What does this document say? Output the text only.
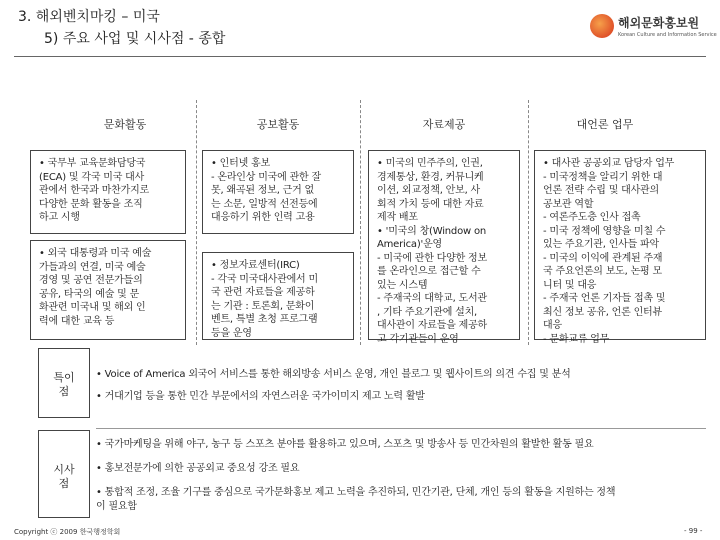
3. 해외벤치마킹 – 미국
5) 주요 사업 및 시사점 - 종합
해외문화홍보원
Korean Culture and Information Service
문화활동	공보활동	자료제공	대언론 업무
• 국무부 교육문화담당국
(ECA) 및 각국 미국 대사
관에서 한국과 마찬가지로
다양한 문화 활동을 조직
하고 시행
• 외국 대통령과 미국 예술
가들과의 연결, 미국 예술
경영 및 공연 전문가들의
공유, 타국의 예술 및 문
화관련 미국내 및 해외 인
력에 대한 교육 등
• 인터넷 홍보
- 온라인상 미국에 관한 잘
못, 왜곡된 정보, 근거 없
는 소문, 일방적 선전등에
대응하기 위한 인력 고용
• 정보자료센터(IRC)
- 각국 미국대사관에서 미
국 관련 자료들을 제공하
는 기관 : 토론회, 문화이
벤트, 특별 초청 프로그램
등을 운영
• 미국의 민주주의, 인권,
경제통상, 환경, 커뮤니케
이션, 외교정책, 안보, 사
회적 가치 등에 대한 자료
제작 배포
• '미국의 창(Window on
America)'운영
- 미국에 관한 다양한 정보
를 온라인으로 접근할 수
있는 시스템
- 주재국의 대학교, 도서관
, 기타 주요기관에 설치,
대사관이 자료들을 제공하
고 각기관들이 운영
• 대사관 공공외교 담당자 업무
- 미국정책을 알리기 위한 대
언론 전략 수립 및 대사관의
공보관 역할
- 여론주도층 인사 접촉
- 미국 정책에 영향을 미칠 수
있는 주요기관, 인사들 파악
- 미국의 이익에 관계된 주재
국 주요언론의 보도, 논평 모
니터 및 대응
- 주재국 언론 기자들 접촉 및
최신 정보 공유, 언론 인터뷰
대응
- 문화교류 업무
특이
점
• Voice of America 외국어 서비스를 통한 해외방송 서비스 운영, 개인 블로그 및 웹사이트의 의견 수집 및 분석
• 거대기업 등을 통한 민간 부문에서의 자연스러운 국가이미지 제고 노력 활발
시사
점
• 국가마케팅을 위해 야구, 농구 등 스포츠 분야를 활용하고 있으며, 스포츠 및 방송사 등 민간차원의 활발한 활동 필요
• 홍보전문가에 의한 공공외교 중요성 강조 필요
• 통합적 조정, 조율 기구를 중심으로 국가문화홍보 제고 노력을 추진하되, 민간기관, 단체, 개인 등의 활동을 지원하는 정책
이 필요함
Copyright ⓒ 2009 한국행정학회	- 99 -
